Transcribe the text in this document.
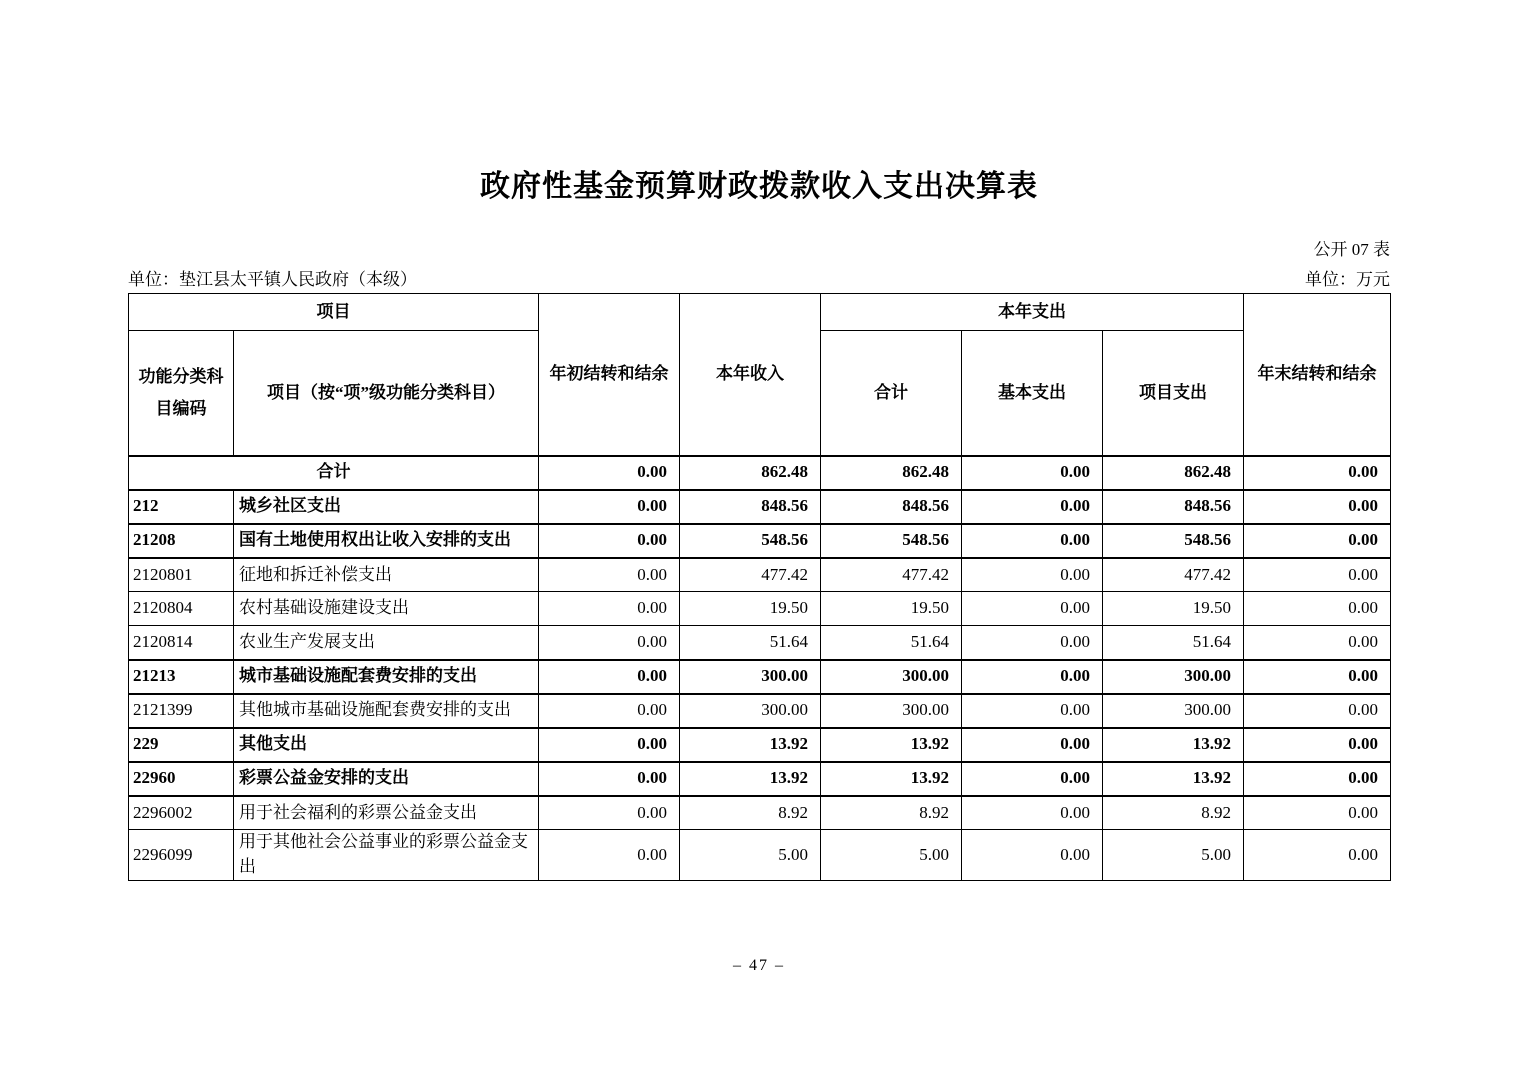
政府性基金预算财政拨款收入支出决算表
公开 07 表
单位：垫江县太平镇人民政府（本级）	单位：万元
项目		年初结转和结余	本年收入	本年支出			年末结转和结余
功能分类科目编码	项目（按“项”级功能分类科目）			合计	基本支出	项目支出	
合计		0.00	862.48	862.48	0.00	862.48	0.00
212	城乡社区支出	0.00	848.56	848.56	0.00	848.56	0.00
21208	国有土地使用权出让收入安排的支出	0.00	548.56	548.56	0.00	548.56	0.00
2120801	征地和拆迁补偿支出	0.00	477.42	477.42	0.00	477.42	0.00
2120804	农村基础设施建设支出	0.00	19.50	19.50	0.00	19.50	0.00
2120814	农业生产发展支出	0.00	51.64	51.64	0.00	51.64	0.00
21213	城市基础设施配套费安排的支出	0.00	300.00	300.00	0.00	300.00	0.00
2121399	其他城市基础设施配套费安排的支出	0.00	300.00	300.00	0.00	300.00	0.00
229	其他支出	0.00	13.92	13.92	0.00	13.92	0.00
22960	彩票公益金安排的支出	0.00	13.92	13.92	0.00	13.92	0.00
2296002	用于社会福利的彩票公益金支出	0.00	8.92	8.92	0.00	8.92	0.00
2296099	用于其他社会公益事业的彩票公益金支出	0.00	5.00	5.00	0.00	5.00	0.00
– 47 –
